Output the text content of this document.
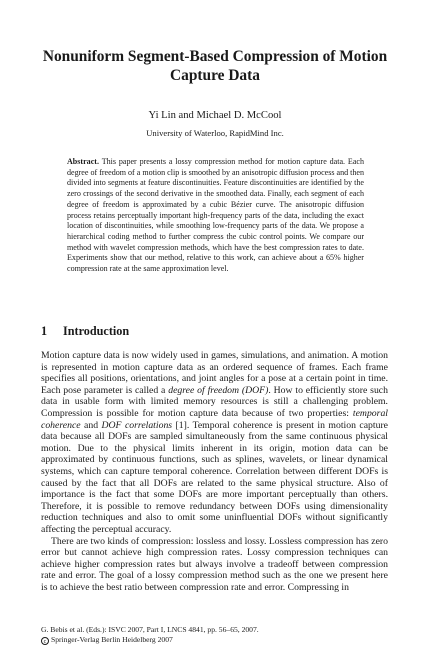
Nonuniform Segment-Based Compression of Motion Capture Data
Yi Lin and Michael D. McCool
University of Waterloo, RapidMind Inc.

Abstract. This paper presents a lossy compression method for motion capture data. Each degree of freedom of a motion clip is smoothed by an anisotropic diffusion process and then divided into segments at feature discontinuities. Feature discontinuities are identified by the zero crossings of the second derivative in the smoothed data. Finally, each segment of each degree of freedom is approximated by a cubic Bézier curve. The anisotropic diffusion process retains perceptually important high-frequency parts of the data, including the exact location of discontinuities, while smoothing low-frequency parts of the data. We propose a hierarchical coding method to further compress the cubic control points. We compare our method with wavelet compression methods, which have the best compression rates to date. Experiments show that our method, relative to this work, can achieve about a 65% higher compression rate at the same approximation level.

1 Introduction

Motion capture data is now widely used in games, simulations, and animation. A motion is represented in motion capture data as an ordered sequence of frames. Each frame specifies all positions, orientations, and joint angles for a pose at a certain point in time. Each pose parameter is called a degree of freedom (DOF). How to efficiently store such data in usable form with limited memory resources is still a challenging problem. Compression is possible for motion capture data because of two properties: temporal coherence and DOF correlations [1]. Temporal coherence is present in motion capture data because all DOFs are sampled simultaneously from the same continuous physical motion. Due to the physical limits inherent in its origin, motion data can be approximated by continuous functions, such as splines, wavelets, or linear dynamical systems, which can capture temporal coherence. Correlation between different DOFs is caused by the fact that all DOFs are related to the same physical structure. Also of importance is the fact that some DOFs are more important perceptually than others. Therefore, it is possible to remove redundancy between DOFs using dimensionality reduction techniques and also to omit some uninfluential DOFs without significantly affecting the perceptual accuracy.

There are two kinds of compression: lossless and lossy. Lossless compression has zero error but cannot achieve high compression rates. Lossy compression techniques can achieve higher compression rates but always involve a tradeoff between compression rate and error. The goal of a lossy compression method such as the one we present here is to achieve the best ratio between compression rate and error. Compressing in

G. Bebis et al. (Eds.): ISVC 2007, Part I, LNCS 4841, pp. 56–65, 2007.
c Springer-Verlag Berlin Heidelberg 2007
